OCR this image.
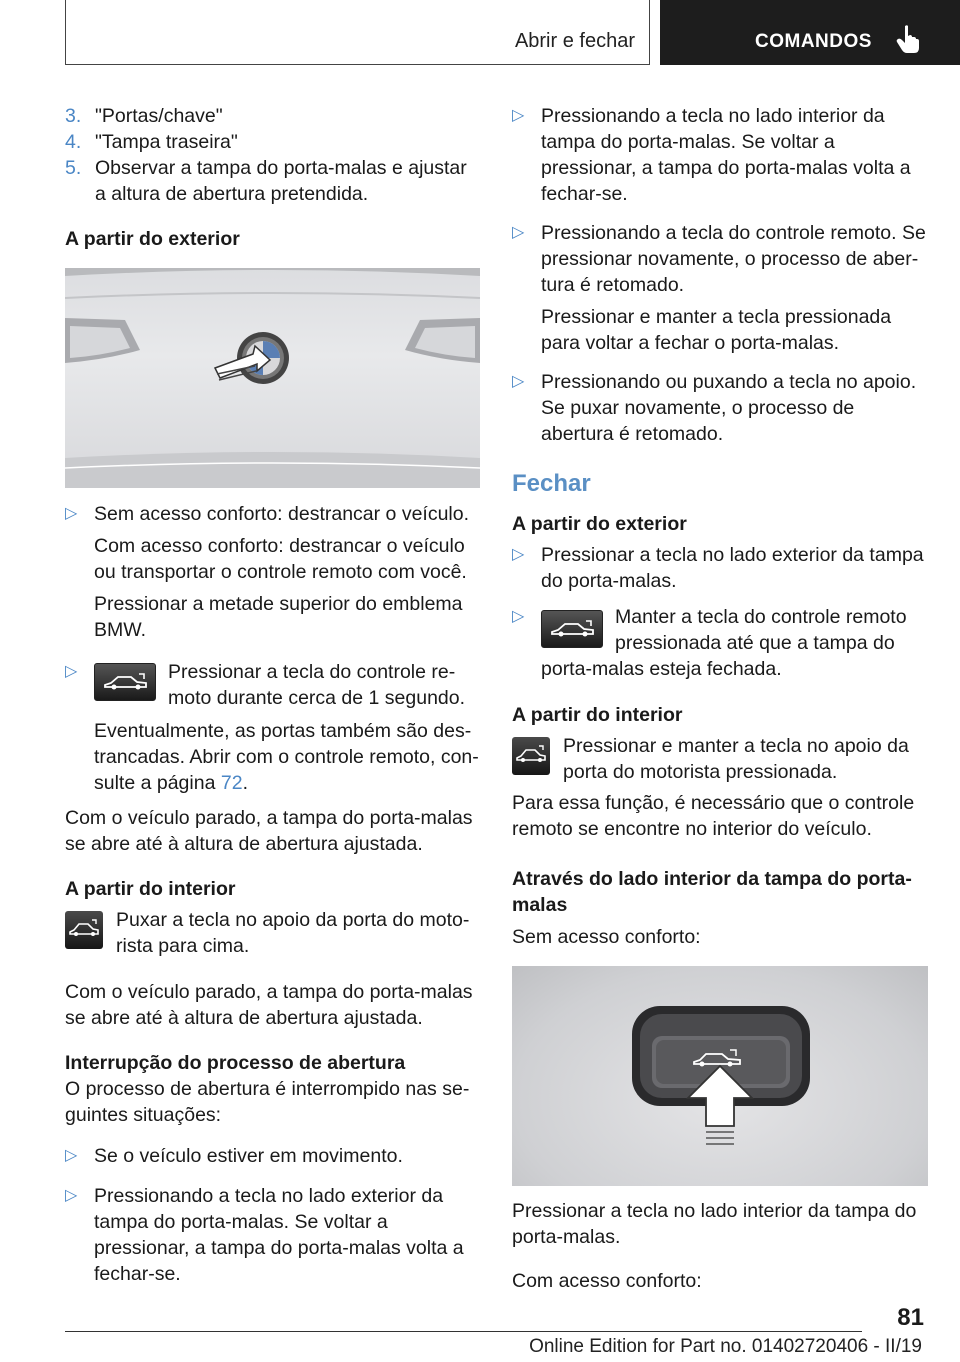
Abrir e fechar	COMANDOS
3. "Portas/chave"
4. "Tampa traseira"
5. Observar a tampa do porta-malas e ajustar a altura de abertura pretendida.
A partir do exterior
▷ Sem acesso conforto: destrancar o veículo.
Com acesso conforto: destrancar o veículo ou transportar o controle remoto com você.
Pressionar a metade superior do emblema BMW.
▷	Pressionar a tecla do controle remoto durante cerca de 1 segundo.
Eventualmente, as portas também são destrancadas. Abrir com o controle remoto, consulte a página 72.
Com o veículo parado, a tampa do porta-malas se abre até à altura de abertura ajustada.
A partir do interior
Puxar a tecla no apoio da porta do motorista para cima.
Com o veículo parado, a tampa do porta-malas se abre até à altura de abertura ajustada.
Interrupção do processo de abertura
O processo de abertura é interrompido nas seguintes situações:
▷ Se o veículo estiver em movimento.
▷ Pressionando a tecla no lado exterior da tampa do porta-malas. Se voltar a pressionar, a tampa do porta-malas volta a fechar-se.
▷ Pressionando a tecla no lado interior da tampa do porta-malas. Se voltar a pressionar, a tampa do porta-malas volta a fechar-se.
▷ Pressionando a tecla do controle remoto. Se pressionar novamente, o processo de abertura é retomado.
Pressionar e manter a tecla pressionada para voltar a fechar o porta-malas.
▷ Pressionando ou puxando a tecla no apoio. Se puxar novamente, o processo de abertura é retomado.
Fechar
A partir do exterior
▷ Pressionar a tecla no lado exterior da tampa do porta-malas.
▷	Manter a tecla do controle remoto pressionada até que a tampa do porta-malas esteja fechada.
A partir do interior
Pressionar e manter a tecla no apoio da porta do motorista pressionada.
Para essa função, é necessário que o controle remoto se encontre no interior do veículo.
Através do lado interior da tampa do porta-malas
Sem acesso conforto:
Pressionar a tecla no lado interior da tampa do porta-malas.
Com acesso conforto:
81
Online Edition for Part no. 01402720406 - II/19
